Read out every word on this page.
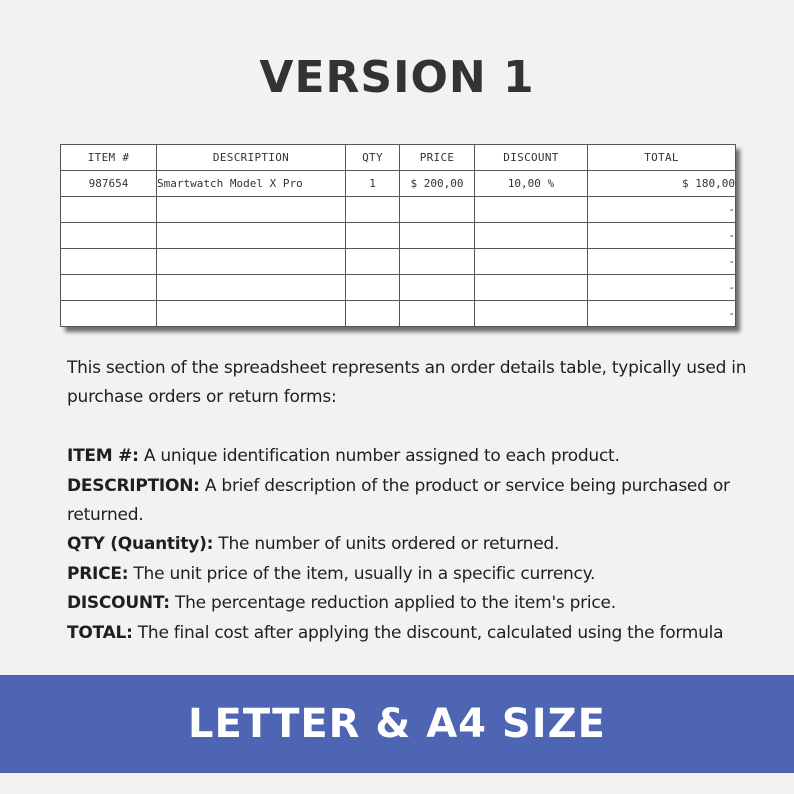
VERSION 1
ITEM #	DESCRIPTION	QTY	PRICE	DISCOUNT	TOTAL
987654	Smartwatch Model X Pro	1	$ 200,00	10,00 %	$ 180,00
					-
					-
					-
					-
					-

This section of the spreadsheet represents an order details table, typically used in purchase orders or return forms:

ITEM #: A unique identification number assigned to each product.

DESCRIPTION: A brief description of the product or service being purchased or returned.

QTY (Quantity): The number of units ordered or returned.

PRICE: The unit price of the item, usually in a specific currency.

DISCOUNT: The percentage reduction applied to the item's price.

TOTAL: The final cost after applying the discount, calculated using the formula

LETTER & A4 SIZE
